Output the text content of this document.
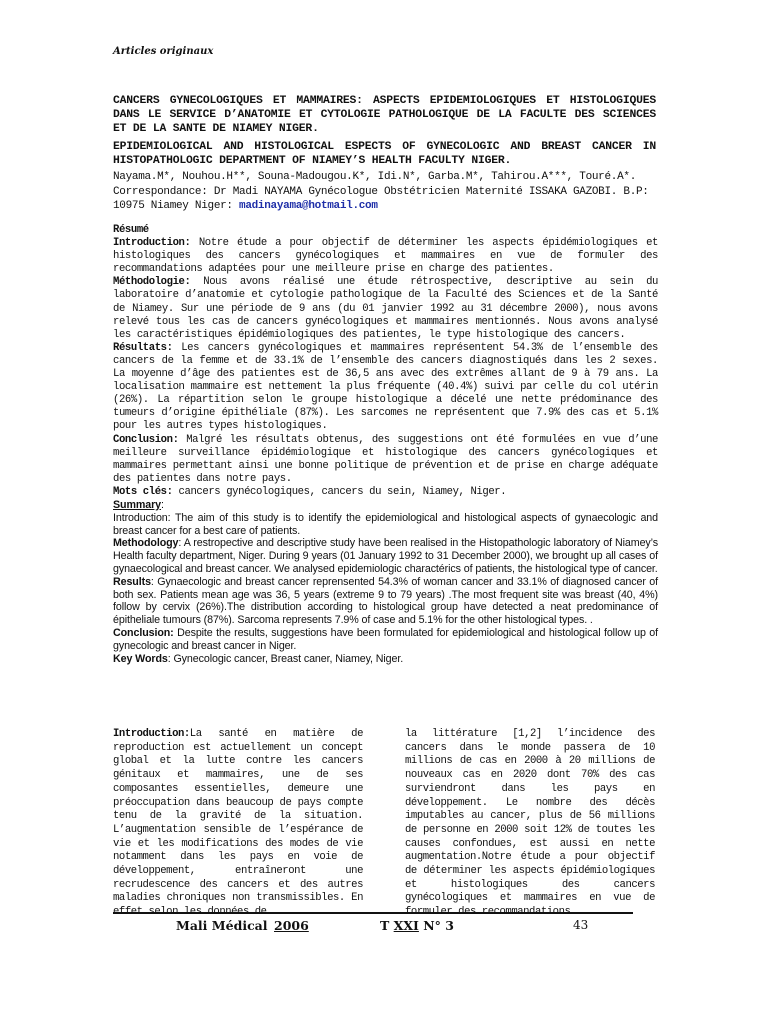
Articles originaux

CANCERS GYNECOLOGIQUES ET MAMMAIRES: ASPECTS EPIDEMIOLOGIQUES ET HISTOLOGIQUES DANS LE SERVICE D’ANATOMIE ET CYTOLOGIE PATHOLOGIQUE DE LA FACULTE DES SCIENCES ET DE LA SANTE DE NIAMEY NIGER.

EPIDEMIOLOGICAL AND HISTOLOGICAL ESPECTS OF GYNECOLOGIC AND BREAST CANCER IN HISTOPATHOLOGIC DEPARTMENT OF NIAMEY’S HEALTH FACULTY NIGER.

Nayama.M*, Nouhou.H**, Souna-Madougou.K*, Idi.N*, Garba.M*, Tahirou.A***, Touré.A*.
Correspondance: Dr Madi NAYAMA Gynécologue Obstétricien Maternité ISSAKA GAZOBI. B.P: 10975 Niamey Niger: madinayama@hotmail.com

Résumé

Introduction: Notre étude a pour objectif de déterminer les aspects épidémiologiques et histologiques des cancers gynécologiques et mammaires en vue de formuler des recommandations adaptées pour une meilleure prise en charge des patientes.

Méthodologie: Nous avons réalisé une étude rétrospective, descriptive au sein du laboratoire d’anatomie et cytologie pathologique de la Faculté des Sciences et de la Santé de Niamey. Sur une période de 9 ans (du 01 janvier 1992 au 31 décembre 2000), nous avons relevé tous les cas de cancers gynécologiques et mammaires mentionnés. Nous avons analysé les caractéristiques épidémiologiques des patientes, le type histologique des cancers.

Résultats: Les cancers gynécologiques et mammaires représentent 54.3% de l’ensemble des cancers de la femme et de 33.1% de l’ensemble des cancers diagnostiqués dans les 2 sexes. La moyenne d’âge des patientes est de 36,5 ans avec des extrêmes allant de 9 à 79 ans. La localisation mammaire est nettement la plus fréquente (40.4%) suivi par celle du col utérin (26%). La répartition selon le groupe histologique a décelé une nette prédominance des tumeurs d’origine épithéliale (87%). Les sarcomes ne représentent que 7.9% des cas et 5.1% pour les autres types histologiques.

Conclusion: Malgré les résultats obtenus, des suggestions ont été formulées en vue d’une meilleure surveillance épidémiologique et histologique des cancers gynécologiques et mammaires permettant ainsi une bonne politique de prévention et de prise en charge adéquate des patientes dans notre pays.

Mots clés: cancers gynécologiques, cancers du sein, Niamey, Niger.

Summary:

Introduction: The aim of this study is to identify the epidemiological and histological aspects of gynaecologic and breast cancer for a best care of patients.

Methodology: A restropective and descriptive study have been realised in the Histopathologic laboratory of Niamey’s Health faculty department, Niger. During 9 years (01 January 1992 to 31 December 2000), we brought up all cases of gynaecological and breast cancer. We analysed epidemiologic charactérics of patients, the histological type of cancer.

Results: Gynaecologic and breast cancer reprensented 54.3% of woman cancer and 33.1% of diagnosed cancer of both sex. Patients mean age was 36, 5 years (extreme 9 to 79 years) .The most frequent site was breast (40, 4%) follow by cervix (26%).The distribution according to histological group have detected a neat predominance of épitheliale tumours (87%). Sarcoma represents 7.9% of case and 5.1% for the other histological types. .

Conclusion: Despite the results, suggestions have been formulated for epidemiological and histological follow up of gynecologic and breast cancer in Niger.

Key Words: Gynecologic cancer, Breast caner, Niamey, Niger.

Introduction:La santé en matière de reproduction est actuellement un concept global et la lutte contre les cancers génitaux et mammaires, une de ses composantes essentielles, demeure une préoccupation dans beaucoup de pays compte tenu de la gravité de la situation. L’augmentation sensible de l’espérance de vie et les modifications des modes de vie notamment dans les pays en voie de développement, entraîneront une recrudescence des cancers et des autres maladies chroniques non transmissibles. En
la littérature [1,2] l’incidence des cancers dans le monde passera de 10 millions de cas en 2000 à 20 millions de nouveaux cas en 2020 dont 70% des cas surviendront dans les pays en développement. Le nombre des décès imputables au cancer, plus de 56 millions de personne en 2000 soit 12% de toutes les causes confondues, est aussi en nette augmentation.Notre étude a pour objectif de déterminer les aspects épidémiologiques et histologiques des cancers gynécologiques et mammaires en vue de
Mali Médical 2006	T XXI N° 3	43
